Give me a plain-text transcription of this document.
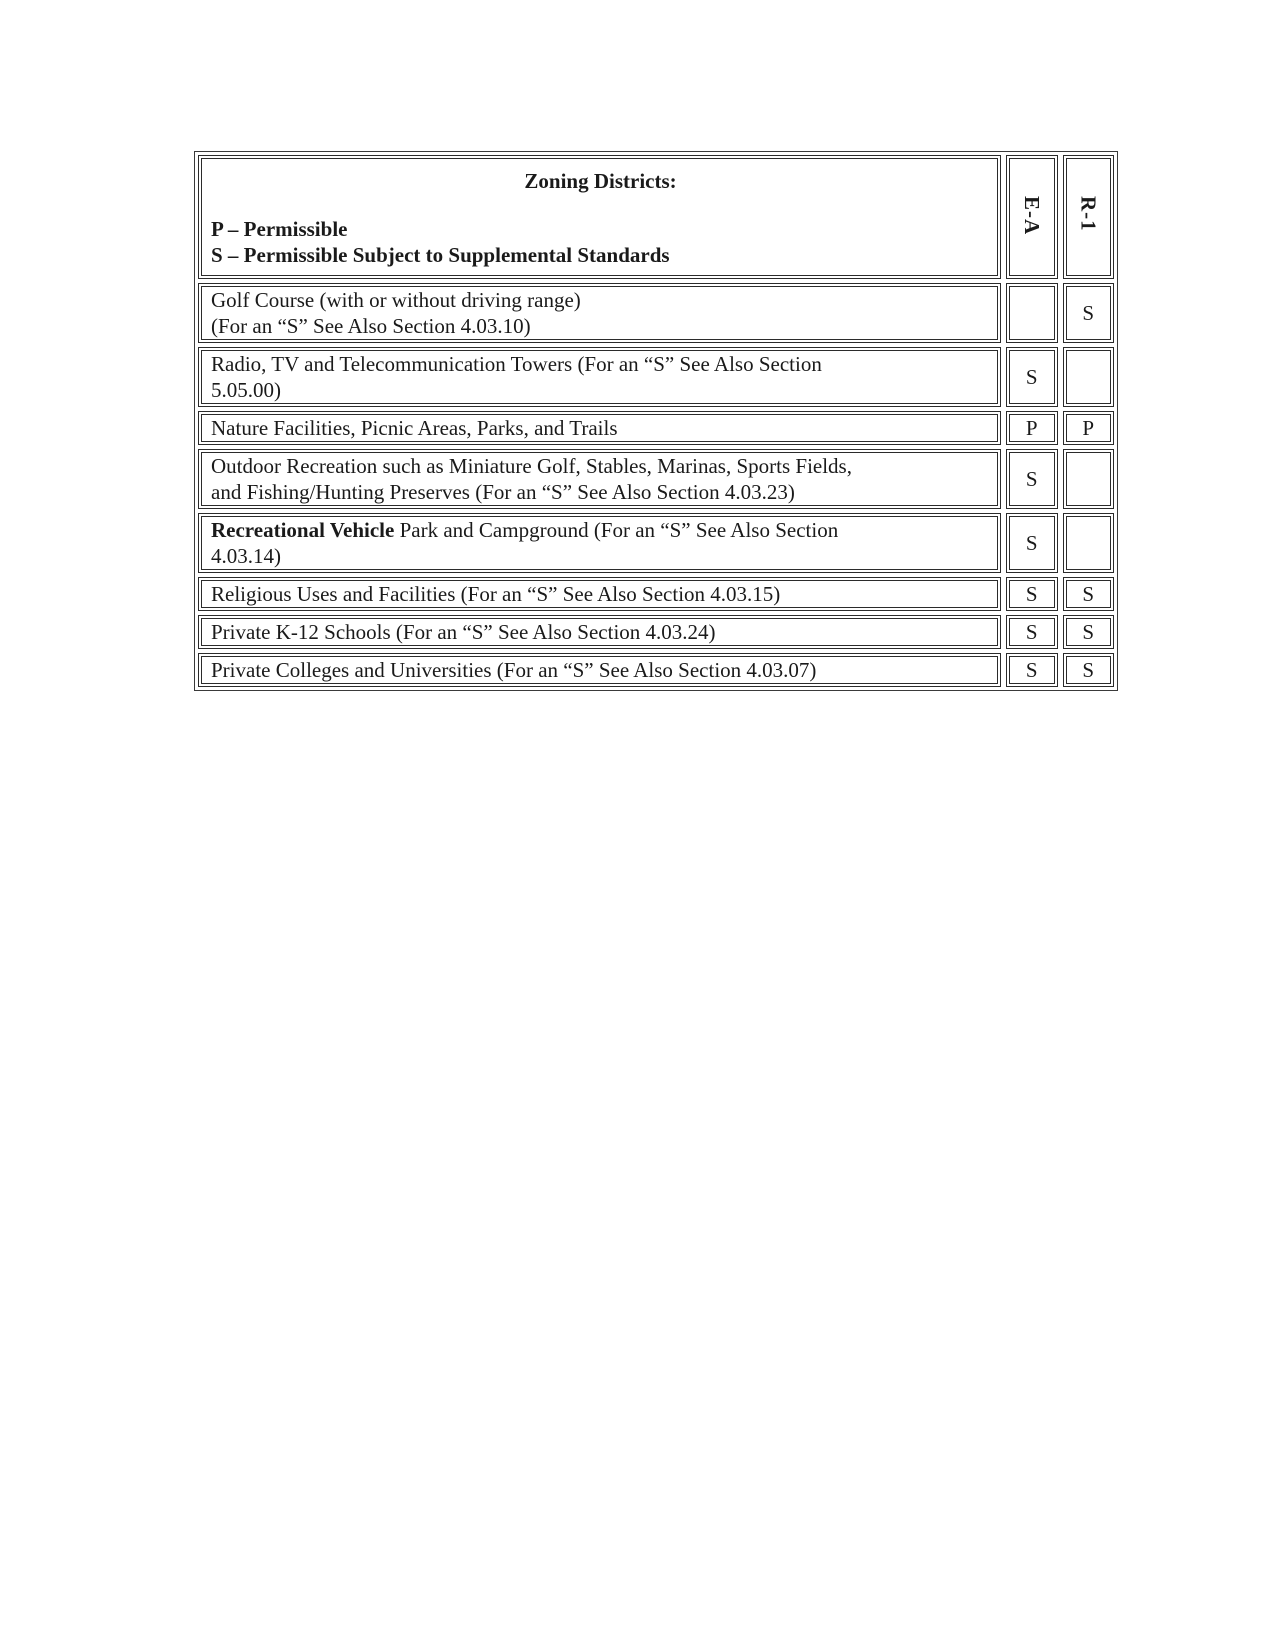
Zoning Districts:
P – Permissible
S – Permissible Subject to Supplemental Standards	E-A	R-1

Golf Course (with or without driving range)
(For an “S” See Also Section 4.03.10)		S

Radio, TV and Telecommunication Towers (For an “S” See Also Section
5.05.00)	S	

Nature Facilities, Picnic Areas, Parks, and Trails	P	P

Outdoor Recreation such as Miniature Golf, Stables, Marinas, Sports Fields,
and Fishing/Hunting Preserves (For an “S” See Also Section 4.03.23)	S	

Recreational Vehicle Park and Campground (For an “S” See Also Section
4.03.14)	S	

Religious Uses and Facilities (For an “S” See Also Section 4.03.15)	S	S

Private K-12 Schools (For an “S” See Also Section 4.03.24)	S	S

Private Colleges and Universities (For an “S” See Also Section 4.03.07)	S	S
